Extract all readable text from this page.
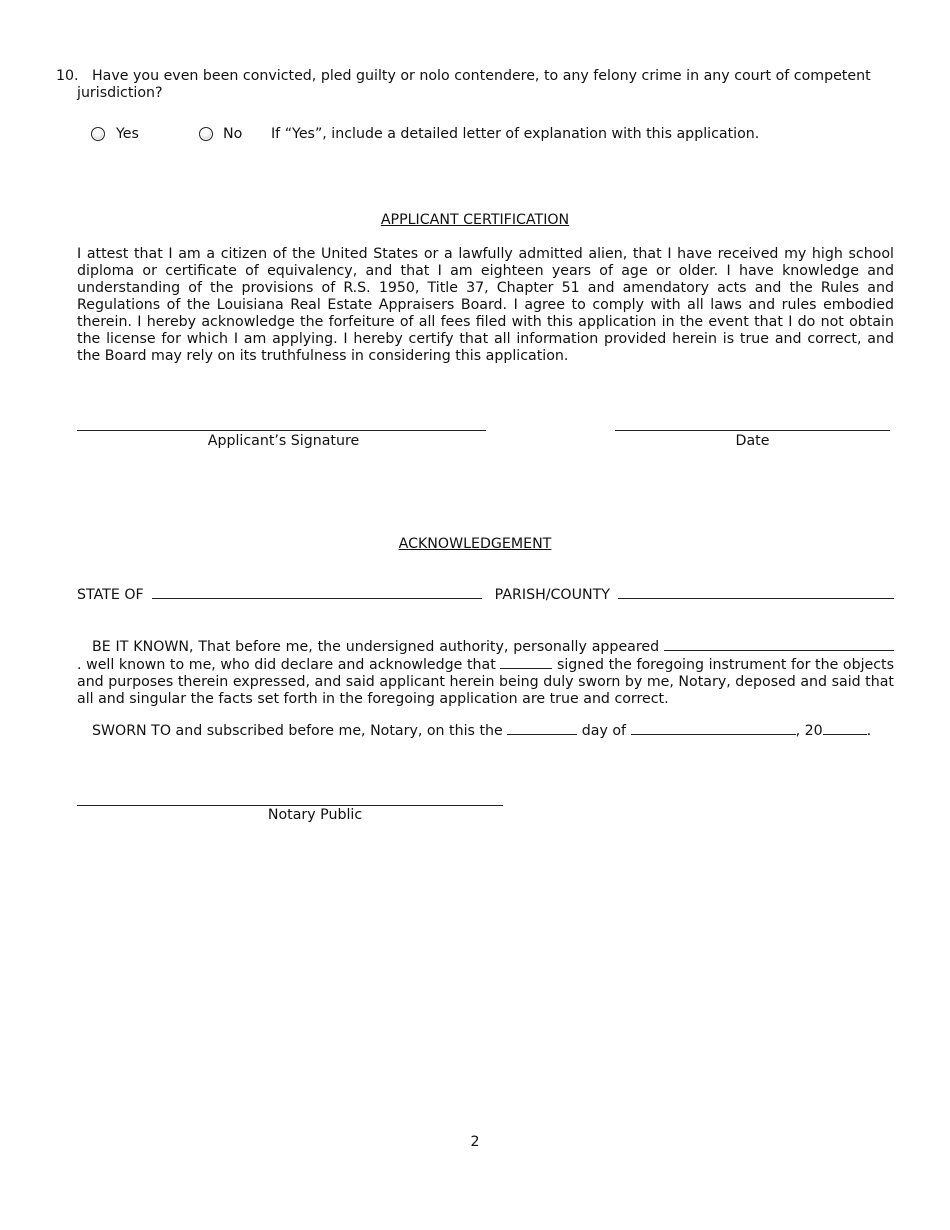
10. Have you even been convicted, pled guilty or nolo contendere, to any felony crime in any court of competent
jurisdiction?
Yes	No If “Yes”, include a detailed letter of explanation with this application.
APPLICANT CERTIFICATION

I attest that I am a citizen of the United States or a lawfully admitted alien, that I have received my high school diploma or certificate of equivalency, and that I am eighteen years of age or older. I have knowledge and understanding of the provisions of R.S. 1950, Title 37, Chapter 51 and amendatory acts and the Rules and Regulations of the Louisiana Real Estate Appraisers Board. I agree to comply with all laws and rules embodied therein. I hereby acknowledge the forfeiture of all fees filed with this application in the event that I do not obtain the license for which I am applying. I hereby certify that all information provided herein is true and correct, and the Board may rely on its truthfulness in considering this application.

Applicant’s Signature	Date
ACKNOWLEDGEMENT
STATE OF	PARISH/COUNTY

BE IT KNOWN, That before me, the undersigned authority, personally appeared . well known to me, who did declare and acknowledge that	signed the foregoing instrument for the objects and purposes therein expressed, and said applicant herein being duly sworn by me, Notary, deposed and said that all and singular the facts set forth in the foregoing application are true and correct.

SWORN TO and subscribed before me, Notary, on this the	day of	, 20	.

Notary Public
2
